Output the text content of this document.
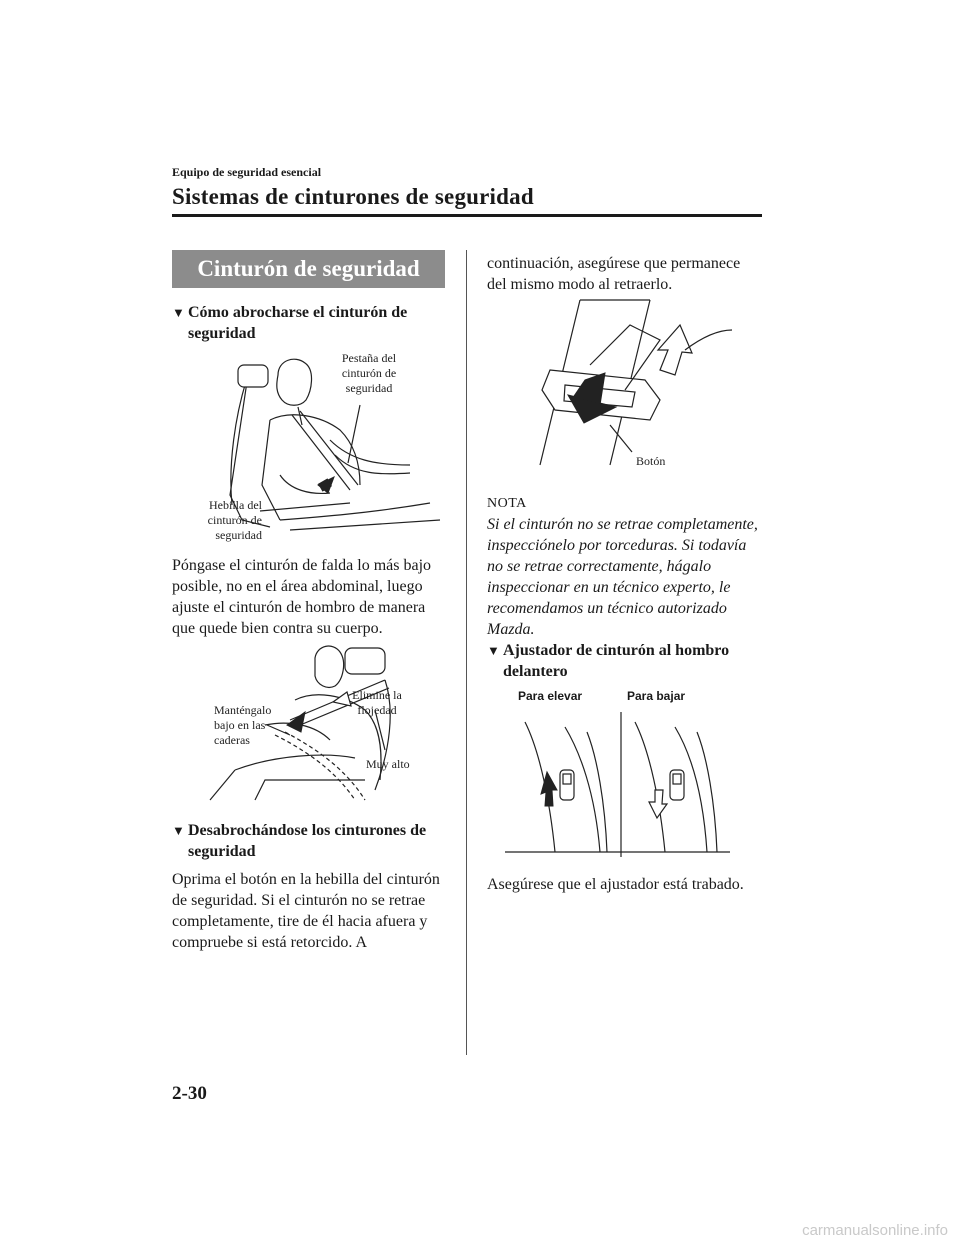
Equipo de seguridad esencial
Sistemas de cinturones de seguridad
Cinturón de seguridad
▼ Cómo abrocharse el cinturón de
seguridad
Pestaña del
cinturón de
seguridad
Hebilla del
cinturón de
seguridad
Póngase el cinturón de falda lo más bajo
posible, no en el área abdominal, luego
ajuste el cinturón de hombro de manera
que quede bien contra su cuerpo.
Manténgalo
bajo en las
caderas
Elimine la
flojedad
Muy alto
▼ Desabrochándose los cinturones de
seguridad
Oprima el botón en la hebilla del cinturón
de seguridad. Si el cinturón no se retrae
completamente, tire de él hacia afuera y
compruebe si está retorcido. A
continuación, asegúrese que permanece
del mismo modo al retraerlo.
Botón
NOTA
Si el cinturón no se retrae completamente,
inspecciónelo por torceduras. Si todavía
no se retrae correctamente, hágalo
inspeccionar en un técnico experto, le
recomendamos un técnico autorizado
Mazda.
▼ Ajustador de cinturón al hombro
delantero
Para elevar	Para bajar
Asegúrese que el ajustador está trabado.
2-30
carmanualsonline.info
